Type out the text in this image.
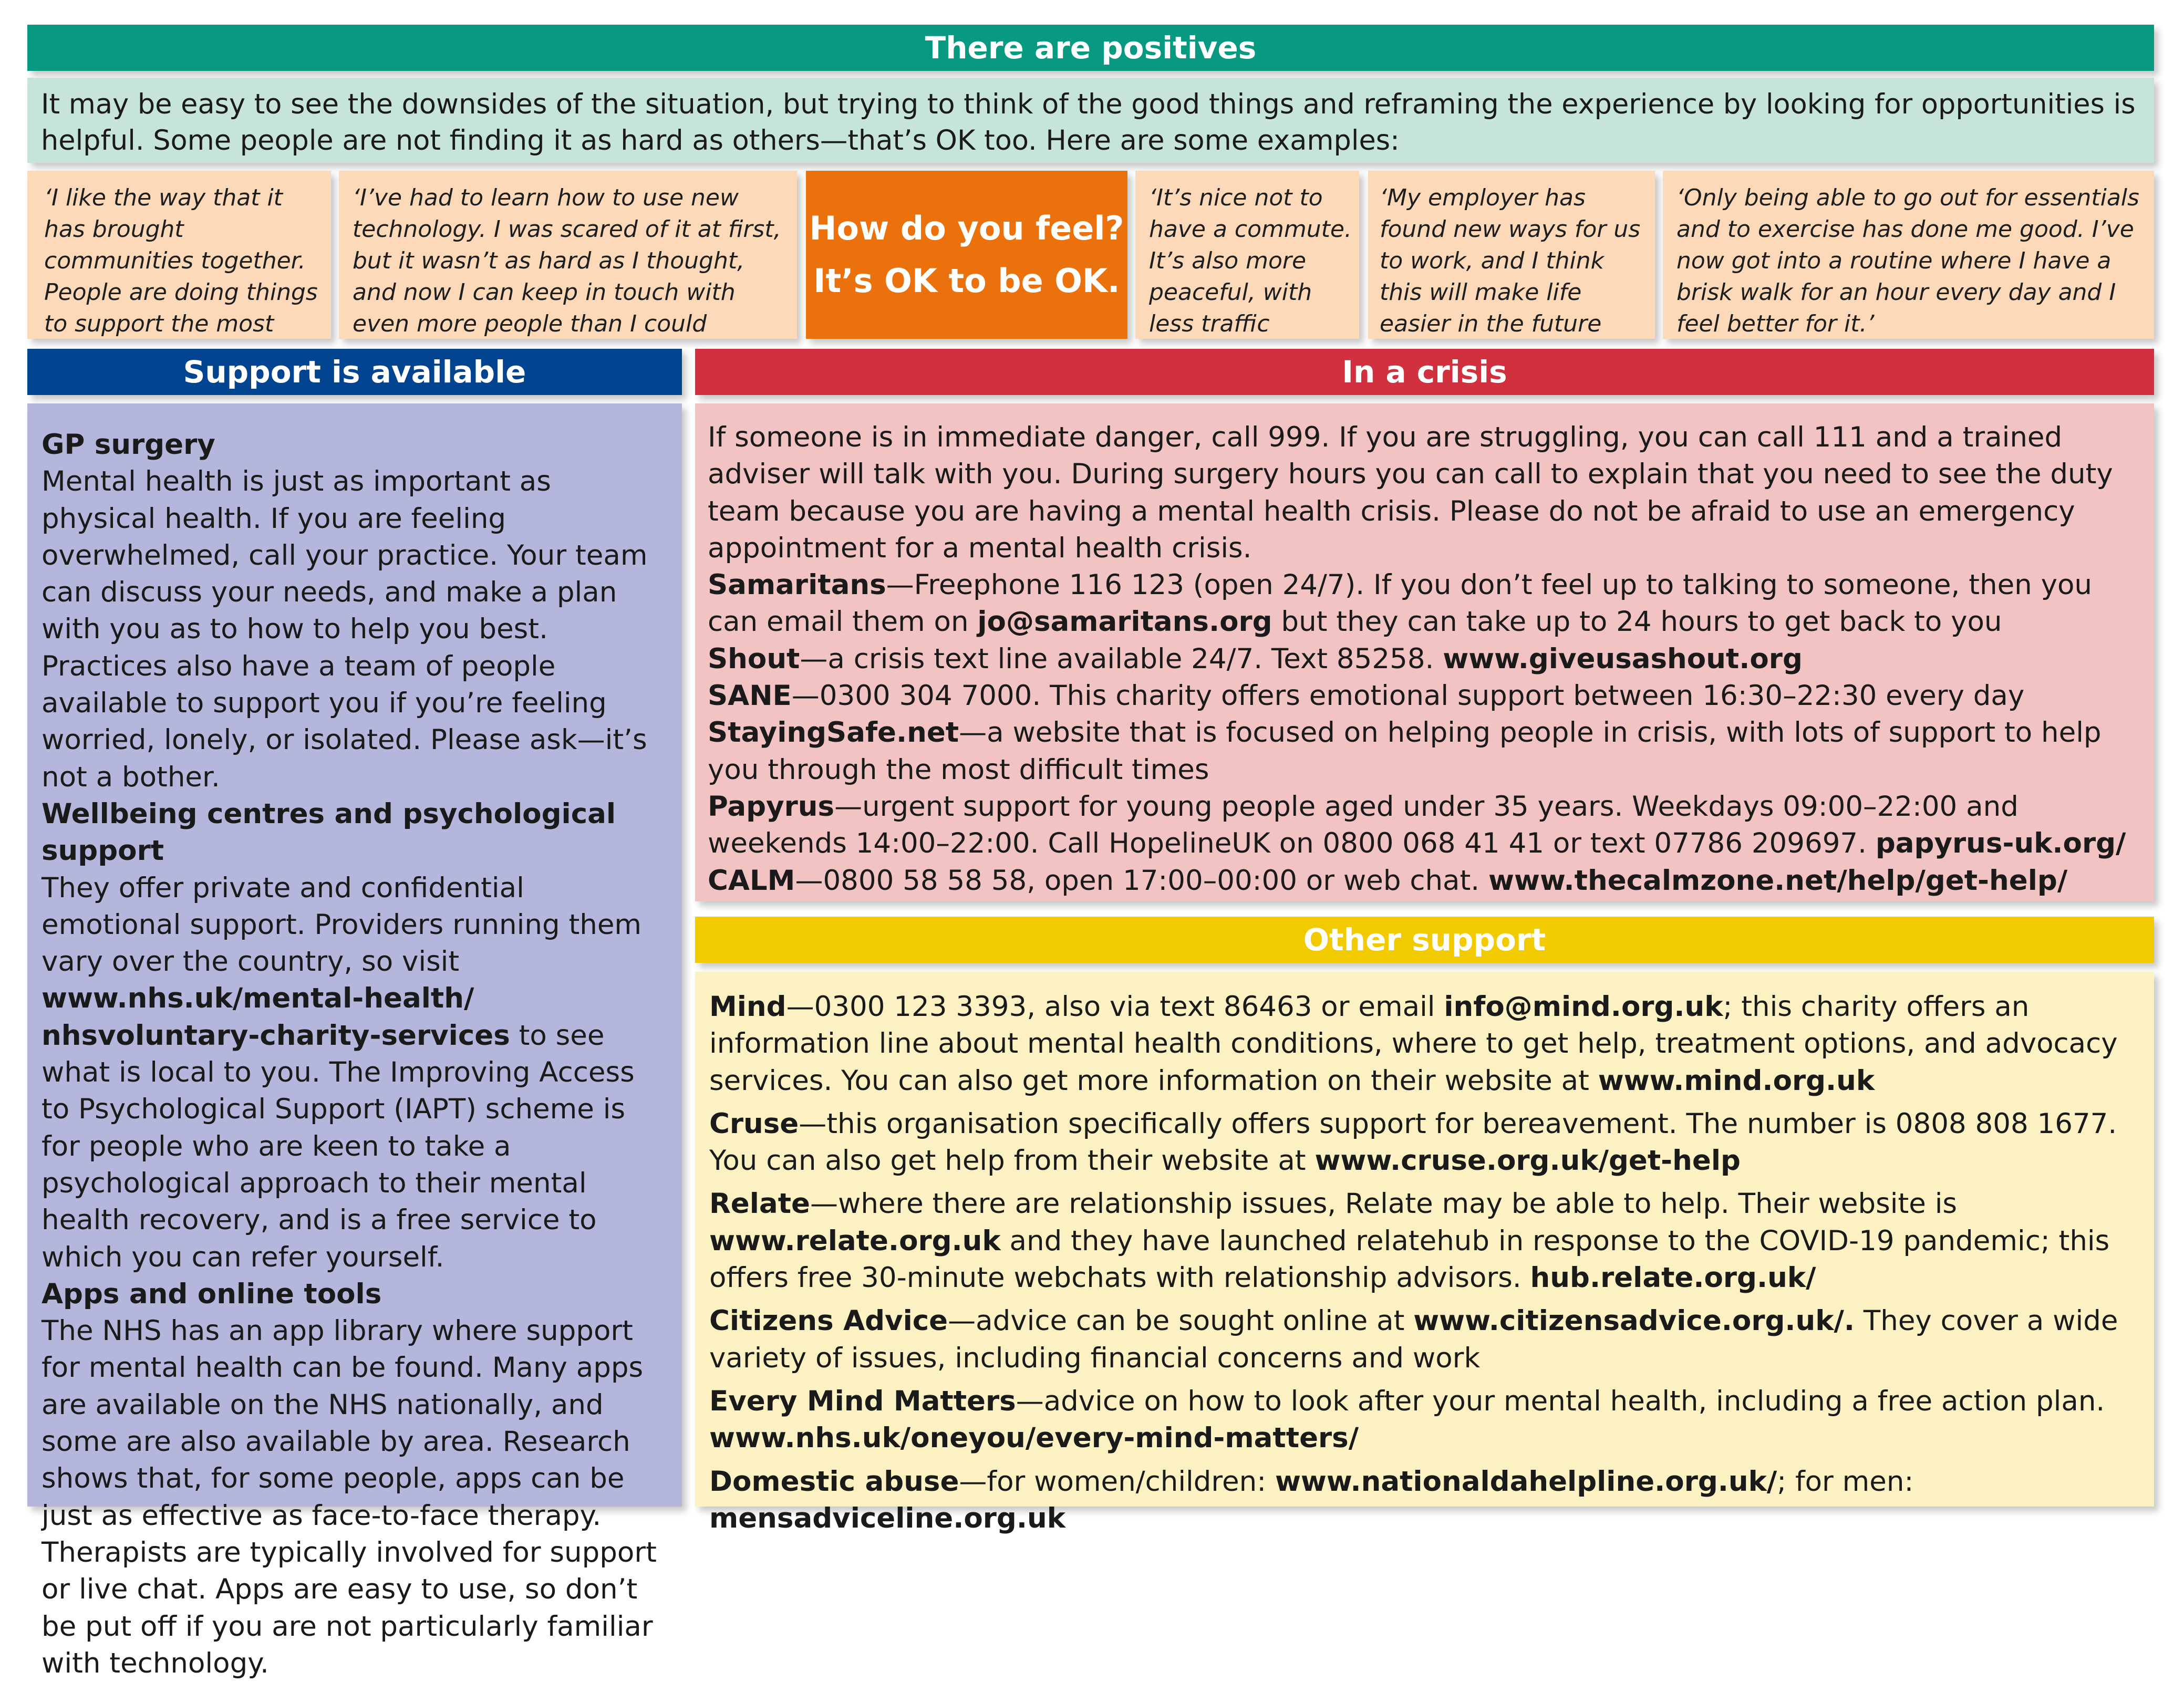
There are positives

It may be easy to see the downsides of the situation, but trying to think of the good things and reframing the experience by looking for opportunities is helpful. Some people are not finding it as hard as others—that’s OK too. Here are some examples:

‘I like the way that it has brought communities together. People are doing things to support the most

‘I’ve had to learn how to use new technology. I was scared of it at first, but it wasn’t as hard as I thought, and now I can keep in touch with even more people than I could

How do you feel?
It’s OK to be OK.

‘It’s nice not to have a commute. It’s also more peaceful, with less traffic

‘My employer has found new ways for us to work, and I think this will make life easier in the future

‘Only being able to go out for essentials and to exercise has done me good. I’ve now got into a routine where I have a brisk walk for an hour every day and I feel better for it.’

Support is available

GP surgery

Mental health is just as important as physical health. If you are feeling overwhelmed, call your practice. Your team can discuss your needs, and make a plan with you as to how to help you best. Practices also have a team of people available to support you if you’re feeling worried, lonely, or isolated. Please ask—it’s not a bother.

Wellbeing centres and psychological support

They offer private and confidential emotional support. Providers running them vary over the country, so visit www.nhs.uk/mental-health/ nhsvoluntary-charity-services to see what is local to you. The Improving Access to Psychological Support (IAPT) scheme is for people who are keen to take a psychological approach to their mental health recovery, and is a free service to which you can refer yourself.

Apps and online tools

The NHS has an app library where support for mental health can be found. Many apps are available on the NHS nationally, and some are also available by area. Research shows that, for some people, apps can be just as effective as face-to-face therapy. Therapists are typically involved for support or live chat. Apps are easy to use, so don’t be put off if you are not particularly familiar with technology.

In a crisis

If someone is in immediate danger, call 999. If you are struggling, you can call 111 and a trained adviser will talk with you. During surgery hours you can call to explain that you need to see the duty team because you are having a mental health crisis. Please do not be afraid to use an emergency appointment for a mental health crisis.

Samaritans—Freephone 116 123 (open 24/7). If you don’t feel up to talking to someone, then you can email them on jo@samaritans.org but they can take up to 24 hours to get back to you

Shout—a crisis text line available 24/7. Text 85258. www.giveusashout.org

SANE—0300 304 7000. This charity offers emotional support between 16:30–22:30 every day

StayingSafe.net—a website that is focused on helping people in crisis, with lots of support to help you through the most difficult times

Papyrus—urgent support for young people aged under 35 years. Weekdays 09:00–22:00 and weekends 14:00–22:00. Call HopelineUK on 0800 068 41 41 or text 07786 209697. papyrus-uk.org/

CALM—0800 58 58 58, open 17:00–00:00 or web chat. www.thecalmzone.net/help/get-help/

Other support

Mind—0300 123 3393, also via text 86463 or email info@mind.org.uk; this charity offers an information line about mental health conditions, where to get help, treatment options, and advocacy services. You can also get more information on their website at www.mind.org.uk

Cruse—this organisation specifically offers support for bereavement. The number is 0808 808 1677. You can also get help from their website at www.cruse.org.uk/get-help

Relate—where there are relationship issues, Relate may be able to help. Their website is www.relate.org.uk and they have launched relatehub in response to the COVID-19 pandemic; this offers free 30-minute webchats with relationship advisors. hub.relate.org.uk/

Citizens Advice—advice can be sought online at www.citizensadvice.org.uk/. They cover a wide variety of issues, including financial concerns and work

Every Mind Matters—advice on how to look after your mental health, including a free action plan. www.nhs.uk/oneyou/every-mind-matters/

Domestic abuse—for women/children: www.nationaldahelpline.org.uk/; for men: mensadviceline.org.uk
